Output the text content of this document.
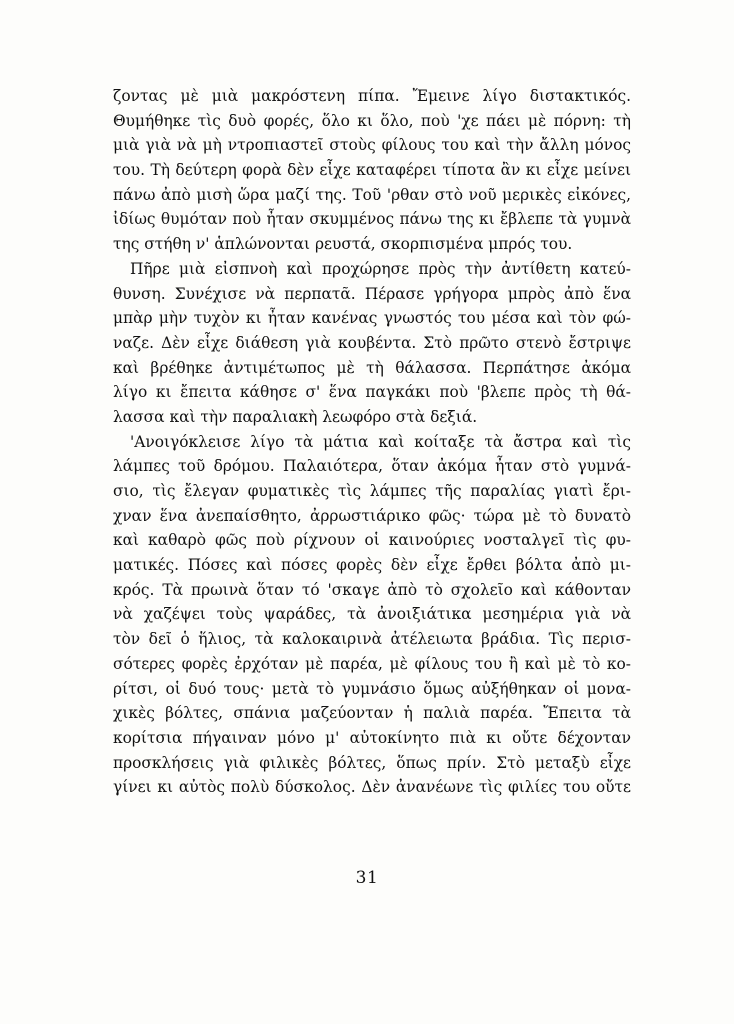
ζοντας μὲ μιὰ μακρόστενη πίπα. Ἔμεινε λίγο διστακτικός.
Θυμήθηκε τὶς δυὸ φορές, ὅλο κι ὅλο, ποὺ 'χε πάει μὲ πόρνη: τὴ
μιὰ γιὰ νὰ μὴ ντροπιαστεῖ στοὺς φίλους του καὶ τὴν ἄλλη μόνος
του. Τὴ δεύτερη φορὰ δὲν εἶχε καταφέρει τίποτα ἂν κι εἶχε μείνει
πάνω ἀπὸ μισὴ ὥρα μαζί της. Τοῦ 'ρθαν στὸ νοῦ μερικὲς εἰκόνες,
ἰδίως θυμόταν ποὺ ἦταν σκυμμένος πάνω της κι ἔβλεπε τὰ γυμνὰ
της στήθη ν' ἁπλώνονται ρευστά, σκορπισμένα μπρός του.
Πῆρε μιὰ εἰσπνοὴ καὶ προχώρησε πρὸς τὴν ἀντίθετη κατεύ-
θυνση. Συνέχισε νὰ περπατᾶ. Πέρασε γρήγορα μπρὸς ἀπὸ ἕνα
μπὰρ μὴν τυχὸν κι ἦταν κανένας γνωστός του μέσα καὶ τὸν φώ-
ναζε. Δὲν εἶχε διάθεση γιὰ κουβέντα. Στὸ πρῶτο στενὸ ἔστριψε
καὶ βρέθηκε ἀντιμέτωπος μὲ τὴ θάλασσα. Περπάτησε ἀκόμα
λίγο κι ἔπειτα κάθησε σ' ἕνα παγκάκι ποὺ 'βλεπε πρὸς τὴ θά-
λασσα καὶ τὴν παραλιακὴ λεωφόρο στὰ δεξιά.
'Ανοιγόκλεισε λίγο τὰ μάτια καὶ κοίταξε τὰ ἄστρα καὶ τὶς
λάμπες τοῦ δρόμου. Παλαιότερα, ὅταν ἀκόμα ἦταν στὸ γυμνά-
σιο, τὶς ἔλεγαν φυματικὲς τὶς λάμπες τῆς παραλίας γιατὶ ἔρι-
χναν ἕνα ἀνεπαίσθητο, ἀρρωστιάρικο φῶς· τώρα μὲ τὸ δυνατὸ
καὶ καθαρὸ φῶς ποὺ ρίχνουν οἱ καινούριες νοσταλγεῖ τὶς φυ-
ματικές. Πόσες καὶ πόσες φορὲς δὲν εἶχε ἔρθει βόλτα ἀπὸ μι-
κρός. Τὰ πρωινὰ ὅταν τό 'σκαγε ἀπὸ τὸ σχολεῖο καὶ κάθονταν
νὰ χαζέψει τοὺς ψαράδες, τὰ ἀνοιξιάτικα μεσημέρια γιὰ νὰ
τὸν δεῖ ὁ ἥλιος, τὰ καλοκαιρινὰ ἀτέλειωτα βράδια. Τὶς περισ-
σότερες φορὲς ἐρχόταν μὲ παρέα, μὲ φίλους του ἢ καὶ μὲ τὸ κο-
ρίτσι, οἱ δυό τους· μετὰ τὸ γυμνάσιο ὅμως αὐξήθηκαν οἱ μονα-
χικὲς βόλτες, σπάνια μαζεύονταν ἡ παλιὰ παρέα. Ἔπειτα τὰ
κορίτσια πήγαιναν μόνο μ' αὐτοκίνητο πιὰ κι οὔτε δέχονταν
προσκλήσεις γιὰ φιλικὲς βόλτες, ὅπως πρίν. Στὸ μεταξὺ εἶχε
γίνει κι αὐτὸς πολὺ δύσκολος. Δὲν ἀνανέωνε τὶς φιλίες του οὔτε
31
